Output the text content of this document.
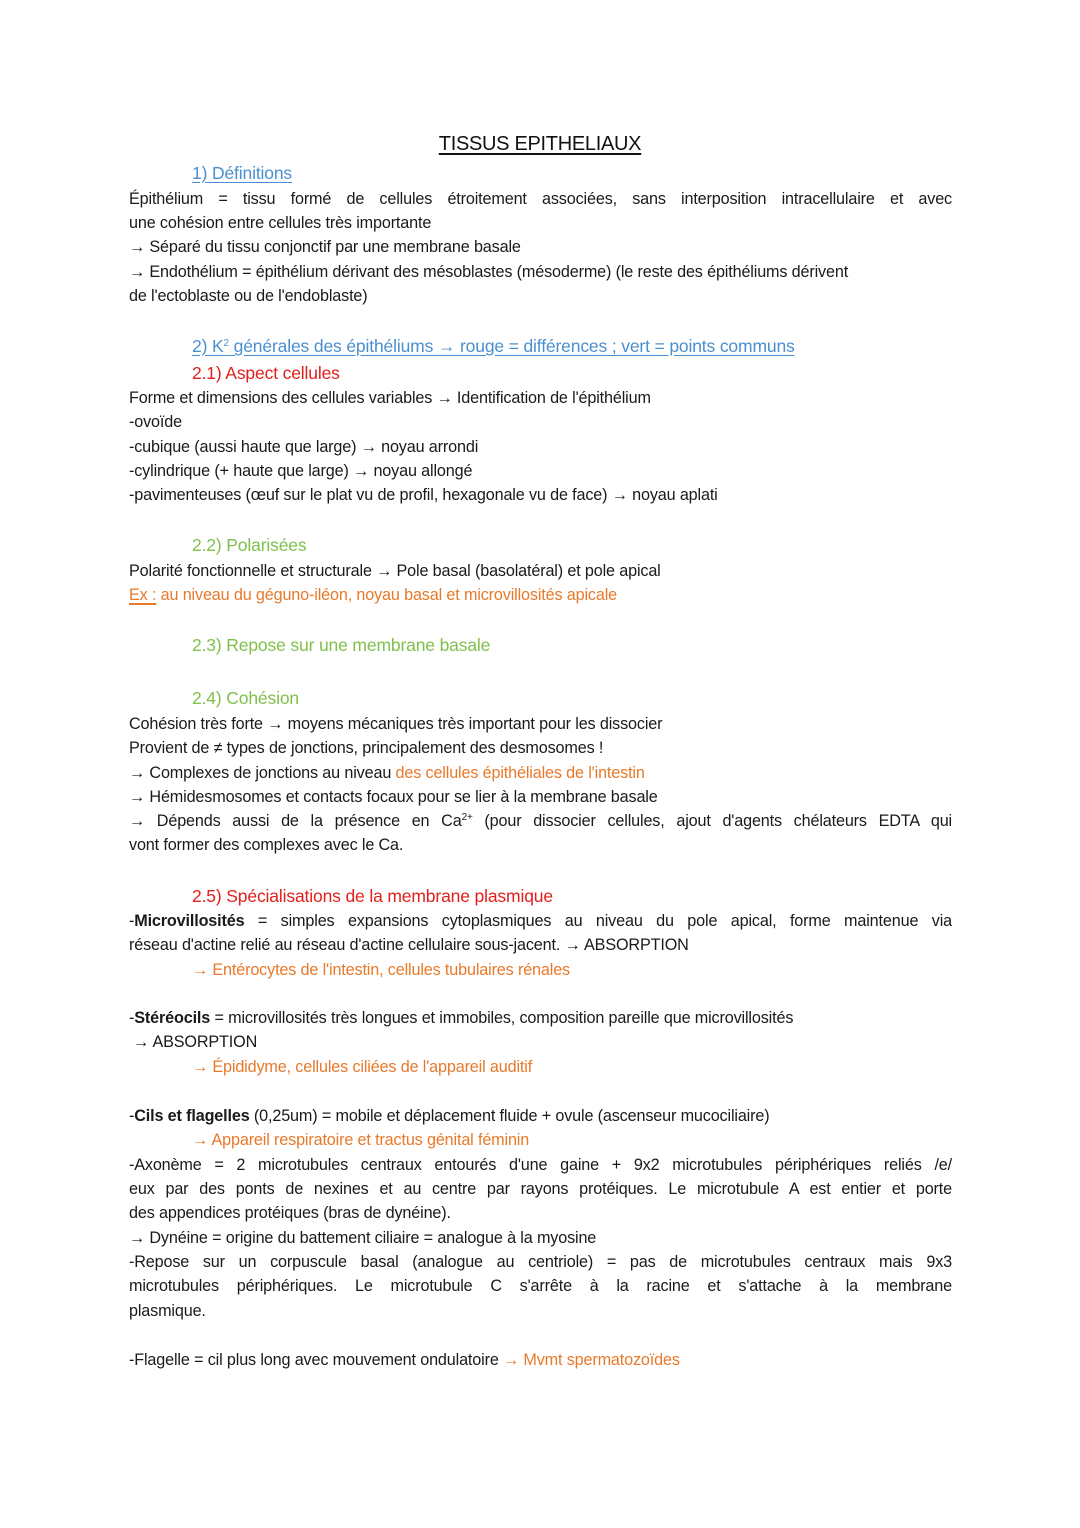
TISSUS EPITHELIAUX
1) Définitions
Épithélium = tissu formé de cellules étroitement associées, sans interposition intracellulaire et avec
une cohésion entre cellules très importante
→ Séparé du tissu conjonctif par une membrane basale
→ Endothélium = épithélium dérivant des mésoblastes (mésoderme) (le reste des épithéliums dérivent
de l'ectoblaste ou de l'endoblaste)
2) $K^2$ générales des épithéliums → rouge = différences ; vert = points communs
2.1) Aspect cellules
Forme et dimensions des cellules variables → Identification de l'épithélium
-ovoïde
-cubique (aussi haute que large) → noyau arrondi
-cylindrique (+ haute que large) → noyau allongé
-pavimenteuses (œuf sur le plat vu de profil, hexagonale vu de face) → noyau aplati
2.2) Polarisées
Polarité fonctionnelle et structurale → Pole basal (basolatéral) et pole apical
Ex : au niveau du géguno-iléon, noyau basal et microvillosités apicale
2.3) Repose sur une membrane basale
2.4) Cohésion
Cohésion très forte → moyens mécaniques très important pour les dissocier
Provient de ≠ types de jonctions, principalement des desmosomes !
→ Complexes de jonctions au niveau des cellules épithéliales de l'intestin
→ Hémidesmosomes et contacts focaux pour se lier à la membrane basale
→ Dépends aussi de la présence en $Ca^{2+}$ (pour dissocier cellules, ajout d'agents chélateurs EDTA qui
vont former des complexes avec le Ca.
2.5) Spécialisations de la membrane plasmique
-Microvillosités = simples expansions cytoplasmiques au niveau du pole apical, forme maintenue via
réseau d'actine relié au réseau d'actine cellulaire sous-jacent. → ABSORPTION
→ Entérocytes de l'intestin, cellules tubulaires rénales
-Stéréocils = microvillosités très longues et immobiles, composition pareille que microvillosités
→ ABSORPTION
→ Épididyme, cellules ciliées de l'appareil auditif
-Cils et flagelles (0,25um) = mobile et déplacement fluide + ovule (ascenseur mucociliaire)
→ Appareil respiratoire et tractus génital féminin
-Axonème = 2 microtubules centraux entourés d'une gaine + 9x2 microtubules périphériques reliés /e/
eux par des ponts de nexines et au centre par rayons protéiques. Le microtubule A est entier et porte
des appendices protéiques (bras de dynéine).
→ Dynéine = origine du battement ciliaire = analogue à la myosine
-Repose sur un corpuscule basal (analogue au centriole) = pas de microtubules centraux mais 9x3
microtubules périphériques. Le microtubule C s'arrête à la racine et s'attache à la membrane
plasmique.
-Flagelle = cil plus long avec mouvement ondulatoire → Mvmt spermatozoïdes
